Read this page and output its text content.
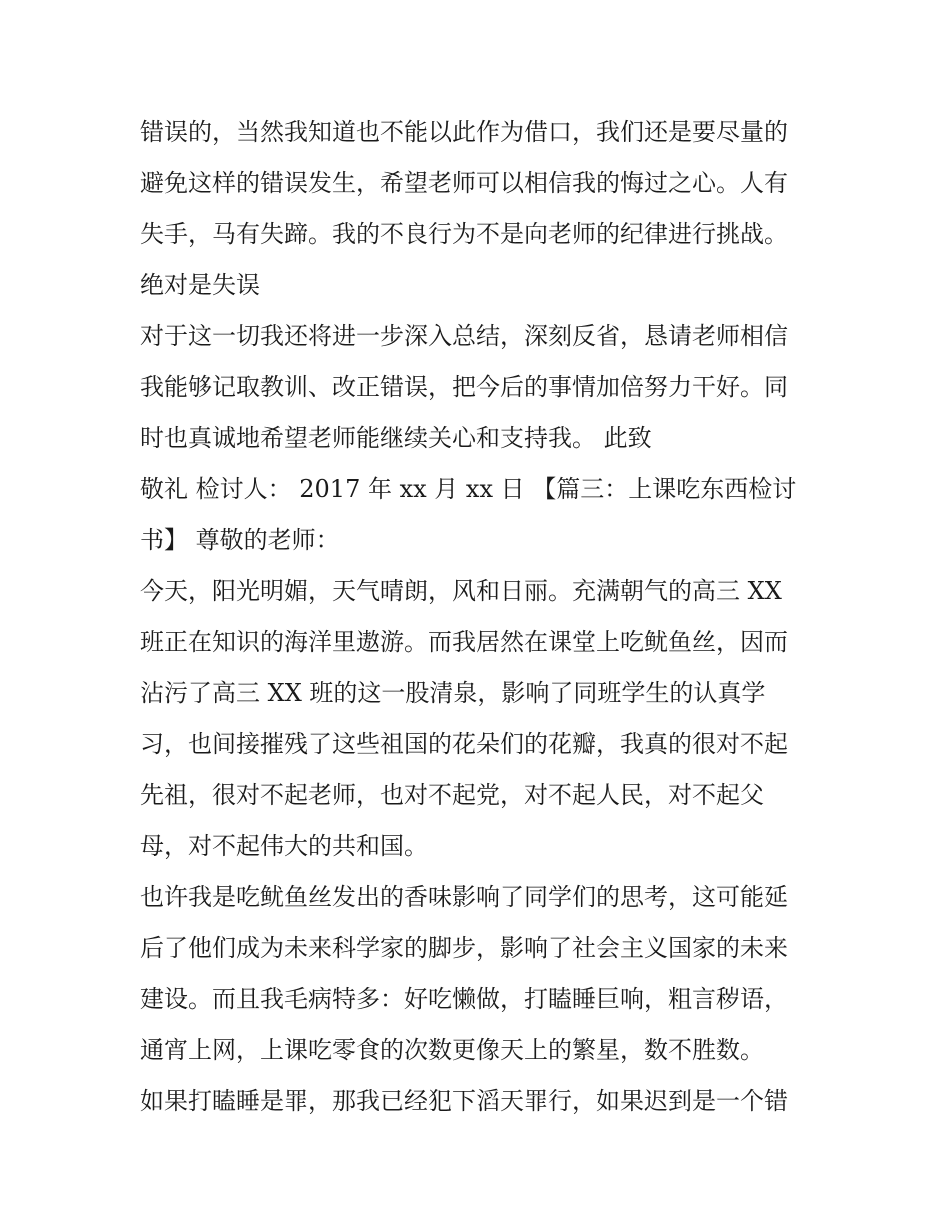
错误的，当然我知道也不能以此作为借口，我们还是要尽量的
避免这样的错误发生，希望老师可以相信我的悔过之心。人有
失手，马有失蹄。我的不良行为不是向老师的纪律进行挑战。
绝对是失误
对于这一切我还将进一步深入总结，深刻反省，恳请老师相信
我能够记取教训、改正错误，把今后的事情加倍努力干好。同
时也真诚地希望老师能继续关心和支持我。 此致
敬礼 检讨人： 2017 年 xx 月 xx 日 【篇三：上课吃东西检讨
书】 尊敬的老师：
今天，阳光明媚，天气晴朗，风和日丽。充满朝气的高三 XX
班正在知识的海洋里遨游。而我居然在课堂上吃鱿鱼丝，因而
沾污了高三 XX 班的这一股清泉，影响了同班学生的认真学
习，也间接摧残了这些祖国的花朵们的花瓣，我真的很对不起
先祖，很对不起老师，也对不起党，对不起人民，对不起父
母，对不起伟大的共和国。
也许我是吃鱿鱼丝发出的香味影响了同学们的思考，这可能延
后了他们成为未来科学家的脚步，影响了社会主义国家的未来
建设。而且我毛病特多：好吃懒做，打瞌睡巨响，粗言秽语，
通宵上网，上课吃零食的次数更像天上的繁星，数不胜数。
如果打瞌睡是罪，那我已经犯下滔天罪行，如果迟到是一个错
